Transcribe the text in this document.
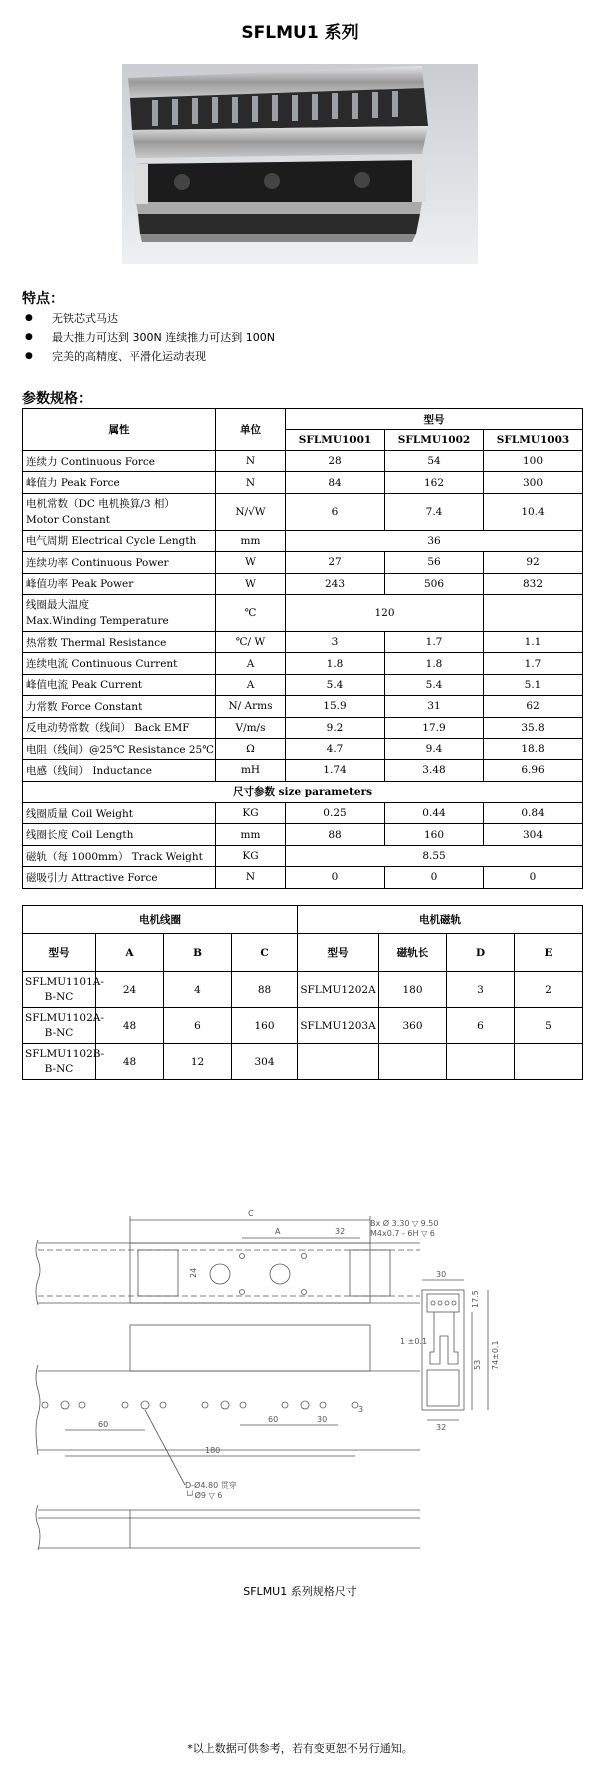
SFLMU1 系列
特点：
● 无铁芯式马达
● 最大推力可达到 300N 连续推力可达到 100N
● 完美的高精度、平滑化运动表现
参数规格：
属性	单位	型号		
		SFLMU1001	SFLMU1002	SFLMU1003
连续力 Continuous Force	N	28	54	100
峰值力 Peak Force	N	84	162	300
电机常数（DC 电机换算/3 相）
Motor Constant	N/√W	6	7.4	10.4
电气周期 Electrical Cycle Length	mm	36		
连续功率 Continuous Power	W	27	56	92
峰值功率 Peak Power	W	243	506	832
线圈最大温度
Max.Winding Temperature	℃	120		
热常数 Thermal Resistance	℃/ W	3	1.7	1.1
连续电流 Continuous Current	A	1.8	1.8	1.7
峰值电流 Peak Current	A	5.4	5.4	5.1
力常数 Force Constant	N/ Arms	15.9	31	62
反电动势常数（线间） Back EMF	V/m/s	9.2	17.9	35.8
电阻（线间）@25℃ Resistance 25℃	Ω	4.7	9.4	18.8
电感（线间） Inductance	mH	1.74	3.48	6.96
尺寸参数 size parameters				
线圈质量 Coil Weight	KG	0.25	0.44	0.84
线圈长度 Coil Length	mm	88	160	304
磁轨（每 1000mm） Track Weight	KG	8.55		
磁吸引力 Attractive Force	N	0	0	0
电机线圈				电机磁轨			
型号	A	B	C	型号	磁轨长	D	E
SFLMU1101A-B-NC	24	4	88	SFLMU1202A	180	3	2
SFLMU1102A-B-NC	48	6	160	SFLMU1203A	360	6	5
SFLMU1102B-B-NC	48	12	304				
C
A	32
Bx Ø 3.30 ▽ 9.50
M4x0.7 - 6H ▽ 6
24
60
60	30
3
180
D-Ø4.80 贯穿
└┘Ø9 ▽ 6
30
17.5
1 ±0.1
53 74±0.1
32
SFLMU1 系列规格尺寸
*以上数据可供参考，若有变更恕不另行通知。
